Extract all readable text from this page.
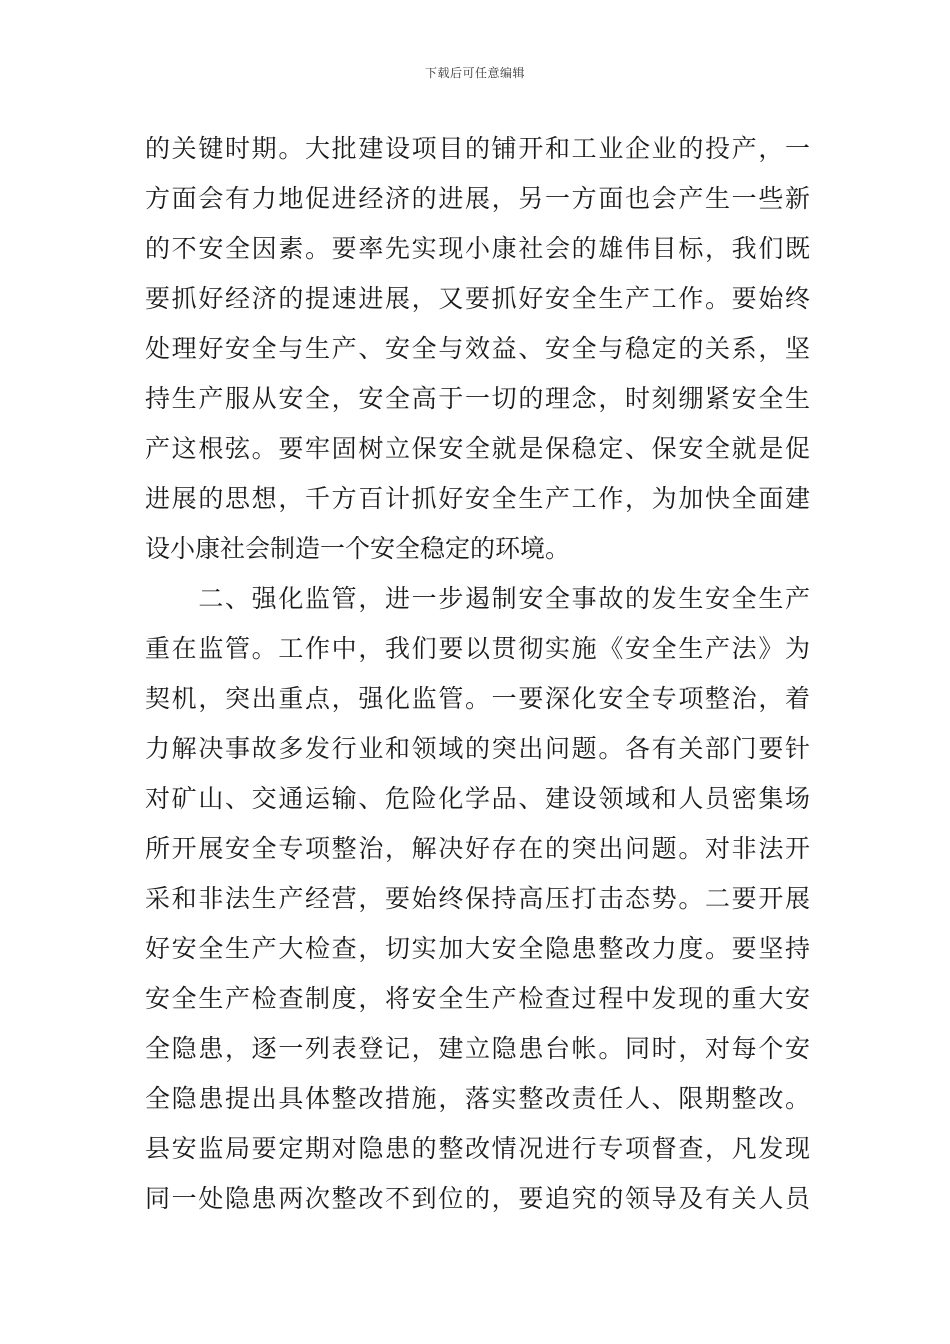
下载后可任意编辑
的关键时期。大批建设项目的铺开和工业企业的投产，一
方面会有力地促进经济的进展，另一方面也会产生一些新
的不安全因素。要率先实现小康社会的雄伟目标，我们既
要抓好经济的提速进展，又要抓好安全生产工作。要始终
处理好安全与生产、安全与效益、安全与稳定的关系，坚
持生产服从安全，安全高于一切的理念，时刻绷紧安全生
产这根弦。要牢固树立保安全就是保稳定、保安全就是促
进展的思想，千方百计抓好安全生产工作，为加快全面建
设小康社会制造一个安全稳定的环境。
　　二、强化监管，进一步遏制安全事故的发生安全生产
重在监管。工作中，我们要以贯彻实施《安全生产法》为
契机，突出重点，强化监管。一要深化安全专项整治，着
力解决事故多发行业和领域的突出问题。各有关部门要针
对矿山、交通运输、危险化学品、建设领域和人员密集场
所开展安全专项整治，解决好存在的突出问题。对非法开
采和非法生产经营，要始终保持高压打击态势。二要开展
好安全生产大检查，切实加大安全隐患整改力度。要坚持
安全生产检查制度，将安全生产检查过程中发现的重大安
全隐患，逐一列表登记，建立隐患台帐。同时，对每个安
全隐患提出具体整改措施，落实整改责任人、限期整改。
县安监局要定期对隐患的整改情况进行专项督查，凡发现
同一处隐患两次整改不到位的，要追究的领导及有关人员
